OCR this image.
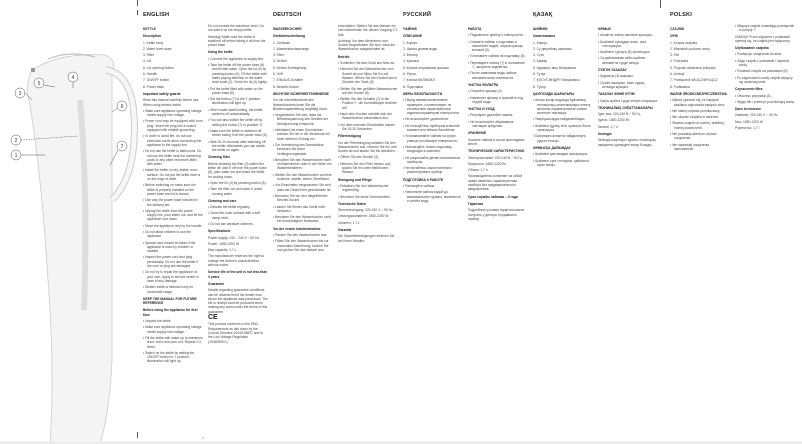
1
2
3
4
5
6
7
ENGLISH

KETTLE

Description

1. Kettle body

2. Water level scale

3. Filter

4. Lid

5. Lid opening button

6. Handle

7. ON/OFF button

8. Power base

Important safety guards

Read this manual carefully before use. When using electric kettle:

• Make sure appliance operating voltage meets supply line voltage.

• Power cord may be equipped with 'euro plug'; insert the plug into a socket equipped with reliable grounding.

• In order to avoid fire, do not use extension cords when connecting the appliance to the supply line.

• Do not use the kettle in bathrooms. Do not use the kettle near the swimming pools or any other reservoirs filled with water.

• Install the kettle on dry, stable, even surface. Do not put the kettle near or on the edge of table.

• Before switching on make sure the kettle is properly installed on the power base and lid is closed.

• Use only the power base included in the delivery set.

• Unplug the kettle from the power supply line, pour water out, and let the appliance cool down.

• Move the appliance only by the handle.

• Do not allow children to use the appliance.

• Special care should be taken if the appliance is used by children or invalids.

• Inspect the power cord and plug periodically. Do not use the kettle if the cord or plug are damaged.

• Do not try to repair the appliance on your own. Apply to service centre in case of any damage.

• Electric kettle is intended only for household usage.

KEEP THE MANUAL FOR FUTURE REFERENCE

Before using the appliance for first time

• Unpack the kettle.

• Make sure appliance operating voltage meets supply line voltage.

• Fill the kettle with water up to maximum level, boil it and pour out. Repeat 2-3 times.

• Switch on the kettle by setting the ON/OFF button to 'I' position; illumination will light up.

Do not exceed the maximum level. Do not switch on the empty kettle.

Warning! Make sure the kettle is switched off before taking it off from the power base.

Using the kettle

• Connect the appliance to supply line.

• Take the kettle off the power base (8) and fill with water. Open the lid (4) by pressing button (5). Fill the kettle with water paying attention to the water level scale (2). Close the lid (4) tightly.

• Put the kettle filled with water on the power base (8).

• Set the button (7) to the 'I' position, illumination will light up.

• When water starts boiling, the kettle switches off automatically.

• You can also switch the kettle off by setting the button (7) to position '0'.

• Make sure the kettle is switched off before taking it off the power base (8).

• Wait 15-20 seconds after switching off the kettle. Afterwards you can switch the kettle on again.

Cleaning filter

Before cleaning the filter (3) switch the kettle off, take it off from the power base (8), pour water out and leave the kettle for cooling down.

• Open the lid (4) by pressing button (5).

• Take the filter out and clean it under running water.

Cleaning and care

• Descale the kettle regularly.

• Clean the outer surface with a soft damp cloth.

• Do not use abrasive cleaners.

Specifications

Power supply: 220 - 240 V ~ 50 Hz

Power: 1850-2200 W

Max capacity: 1.7 L

The manufacturer reserves the right to change the device's characteristics without notice.

Service life of the unit is not less than 3 years

Guarantee

Details regarding guarantee conditions can be obtained from the dealer from whom the appliance was purchased. The bill or receipt must be produced when making any claim under the terms of this guarantee.

CE

This product conforms to the EMC-Requirements as laid down by the Council Directive 2004/108/EC and to the Low Voltage Regulation (2006/95/EC).

DEUTSCH

WASSERKOCHER

Gerätebeschreibung

1. Gehäuse

2. Wasserstandsanzeige

3. Filter

4. Deckel

5. Deckel-Entriegelung

6. Griff

7. EIN/AUS-Schalter

8. Netzteil-Sockel

WICHTIGE SICHERHEITSHINWEISE

Vor der Inbetriebnahme des Wasserkochers lesen Sie die Bedienungsanleitung sorgfältig durch.

• Vergewissern Sie sich, dass die Betriebsspannung des Gerätes der Netzspannung entspricht.

• Netzkabel hat einen Eurostecker; stecken Sie ihn in die Steckdose mit einer sicheren Erdung ein.

• Zur Vermeidung des Brandrisikos benutzen Sie keine Verlängerungskabel.

• Benutzen Sie den Wasserkocher nicht im Badezimmer oder in der Nähe von Wasserbehältern.

• Stellen Sie den Wasserkocher auf eine trockene, stabile, ebene Oberfläche.

• Vor Einschalten vergewissern Sie sich, dass der Deckel fest geschlossen ist.

• Benutzen Sie nur den mitgelieferten Netzteil-Sockel.

• Lassen Sie Kinder das Gerät nicht benutzen.

• Benutzen Sie den Wasserkocher nicht bei beschädigtem Netzkabel.

Vor der ersten Inbetriebnahme

• Packen Sie den Wasserkocher aus.

• Füllen Sie den Wasserkocher bis zur maximalen Markierung, kochen Sie und gießen Sie das Wasser aus.

einschalten. Stellen Sie das Wasser ein und wiederholen Sie diesen Vorgang 2-3 Mal.

Achtung! Vor dem Abnehmen vom Sockel vergewissern Sie sich, dass der Wasserkocher ausgeschaltet ist.

Betrieb

• Schließen Sie das Gerät ans Netz an.

• Nehmen Sie den Wasserkocher vom Sockel ab und füllen Sie ihn mit Wasser. Öffnen Sie den Deckel durch Drücken der Taste (5).

• Stellen Sie den gefüllten Wasserkocher auf den Sockel (8).

• Stellen Sie den Schalter (7) in die Position 'I', die Kontrolllampe leuchtet auf.

• Nach dem Kochen schaltet sich der Wasserkocher automatisch aus.

• Vor dem erneuten Einschalten warten Sie 15-20 Sekunden.

Filterreinigung

Vor der Filterreinigung schalten Sie den Wasserkocher aus, nehmen Sie ihn vom Sockel ab und lassen Sie ihn abkühlen.

• Öffnen Sie den Deckel (4).

• Nehmen Sie den Filter heraus und spülen Sie ihn unter fließendem Wasser.

Reinigung und Pflege

• Entkalken Sie den Wasserkocher regelmäßig.

• Benutzen Sie keine Scheuermittel.

Technische Daten

Stromversorgung: 220-240 V ~ 50 Hz

Leistungsaufnahme: 1850-2200 W

Volumen: 1,7 L

Garantie

Die Garantiebedingungen erfahren Sie bei Ihrem Händler.

РУССКИЙ

ЧАЙНИК

ОПИСАНИЕ

1. Корпус

2. Шкала уровня воды

3. Фильтр

4. Крышка

5. Кнопка открывания крышки

6. Ручка

7. Кнопка ВКЛ/ВЫКЛ

8. Подставка

МЕРЫ БЕЗОПАСНОСТИ

• Перед первым включением проверьте, соответствуют ли технические характеристики изделия параметрам электросети.

• Не используйте удлинители.

• Не пользуйтесь прибором в ванной комнате или вблизи бассейнов.

• Устанавливайте чайник на сухую ровную устойчивую поверхность.

• Используйте только подставку, входящую в комплект.

• Не разрешайте детям пользоваться прибором.

• Не пытайтесь самостоятельно ремонтировать прибор.

ПОДГОТОВКА К РАБОТЕ

• Распакуйте чайник.

• Наполните чайник водой до максимального уровня, вскипятите и слейте воду.

РАБОТА

• Подключите прибор к электросети.

• Снимите чайник с подставки и наполните водой, открыв крышку кнопкой (5).

• Установите чайник на подставку (8).

• Переведите кнопку (7) в положение 'I', загорится подсветка.

• После закипания воды чайник автоматически отключится.

ЧИСТКА ФИЛЬТРА

• Откройте крышку (4).

• Извлеките фильтр и промойте под струей воды.

ЧИСТКА И УХОД

• Регулярно удаляйте накипь.

• Не используйте абразивные чистящие средства.

ХРАНЕНИЕ

Храните чайник в сухом прохладном месте.

ТЕХНИЧЕСКИЕ ХАРАКТЕРИСТИКИ

Электропитание: 220-240 В ~ 50 Гц

Мощность: 1850-2200 Вт

Объем: 1,7 л

Производитель оставляет за собой право изменять характеристики прибора без предварительного уведомления.

Срок службы чайника – 3 года

Гарантия

Подробные условия гарантии можно получить у дилера, продавшего прибор.

ҚАЗАҚ

ШӘЙНЕК

Сипаттамасы

1. Корпус

2. Су деңгейінің шкаласы

3. Сүзгі

4. Қақпақ

5. Қақпақты ашу батырмасы

6. Тұтқа

7. ҚОСУ/СӨНДІРУ батырмасы

8. Тұғыр

ҚАУІПСІЗДІК ШАРАЛАРЫ

• Алғаш қосар алдында бұйымның техникалық сипаттамалары электр желісінің параметрлеріне сәйкес келетінін тексеріңіз.

• Ұзартқыштарды пайдаланбаңыз.

• Шәйнекті құрғақ тегіс орнықты бетке орнатыңыз.

• Балаларға аспапты пайдалануға рұқсат етпеңіз.

ЖҰМЫСҚА ДАЙЫНДАУ

• Шәйнекті қаптамадан шығарыңыз.

• Шәйнекті суға толтырып, қайнатып, суын төгіңіз.

ЖҰМЫС

• Аспапты электр желісіне қосыңыз.

• Шәйнекті тұғырдан алып, суға толтырыңыз.

• Шәйнекті тұғырға (8) орнатыңыз.

• Су қайнағаннан кейін шәйнек автоматты түрде сөнеді.

СҮЗГІНІ ТАЗАЛАУ

• Қақпақты (4) ашыңыз.

• Сүзгіні шығарып, ағын судың астында жуыңыз.

ТАЗАЛАУ ЖӘНЕ КҮТІМ

• Қақты жүйелі түрде кетіріп отырыңыз.

ТЕХНИКАЛЫҚ СИПАТТАМАЛАРЫ

Қуат көзі: 220-240 В ~ 50 Гц

Қуаты: 1850-2200 Вт

Көлемі: 1,7 л

Кепілдік

Кепілдік шарттары туралы толығырақ ақпаратты дилерден алуға болады.

POLSKI

CZAJNIK

OPIS

1. Korpus czajnika

2. Wskaźnik poziomu wody

3. Filtr

4. Pokrywka

5. Przycisk otwierania pokrywki

6. Uchwyt

7. Przełącznik WŁĄCZ/WYŁĄCZ

8. Podstawka

WAŻNE ŚRODKI BEZPIECZEŃSTWA

• Należy upewnić się, że napięcie zasilania odpowiada napięciu sieci.

• Nie należy używać przedłużaczy.

• Nie używać czajnika w łazience.

• Stawiać czajnik na suchej, stabilnej, równej powierzchni.

• Nie pozwalaj dzieciom używać urządzenia.

• Nie naprawiaj urządzenia samodzielnie.

• Włączyć czajnik ustawiając przełącznik w pozycji 'I'.

UWAGA! Przed zdjęciem z podstawki upewnij się, że czajnik jest wyłączony.

Użytkowanie czajnika

• Podłączyć urządzenie do sieci.

• Zdjąć czajnik z podstawki i napełnić wodą.

• Postawić czajnik na podstawce (8).

• Po zagotowaniu wody czajnik wyłączy się automatycznie.

Czyszczenie filtra

• Otworzyć pokrywkę (4).

• Wyjąć filtr i przemyć pod bieżącą wodą.

Dane techniczne

Zasilanie: 220-240 V ~ 50 Hz

Moc: 1850-2200 W

Pojemność: 1,7 l

2
